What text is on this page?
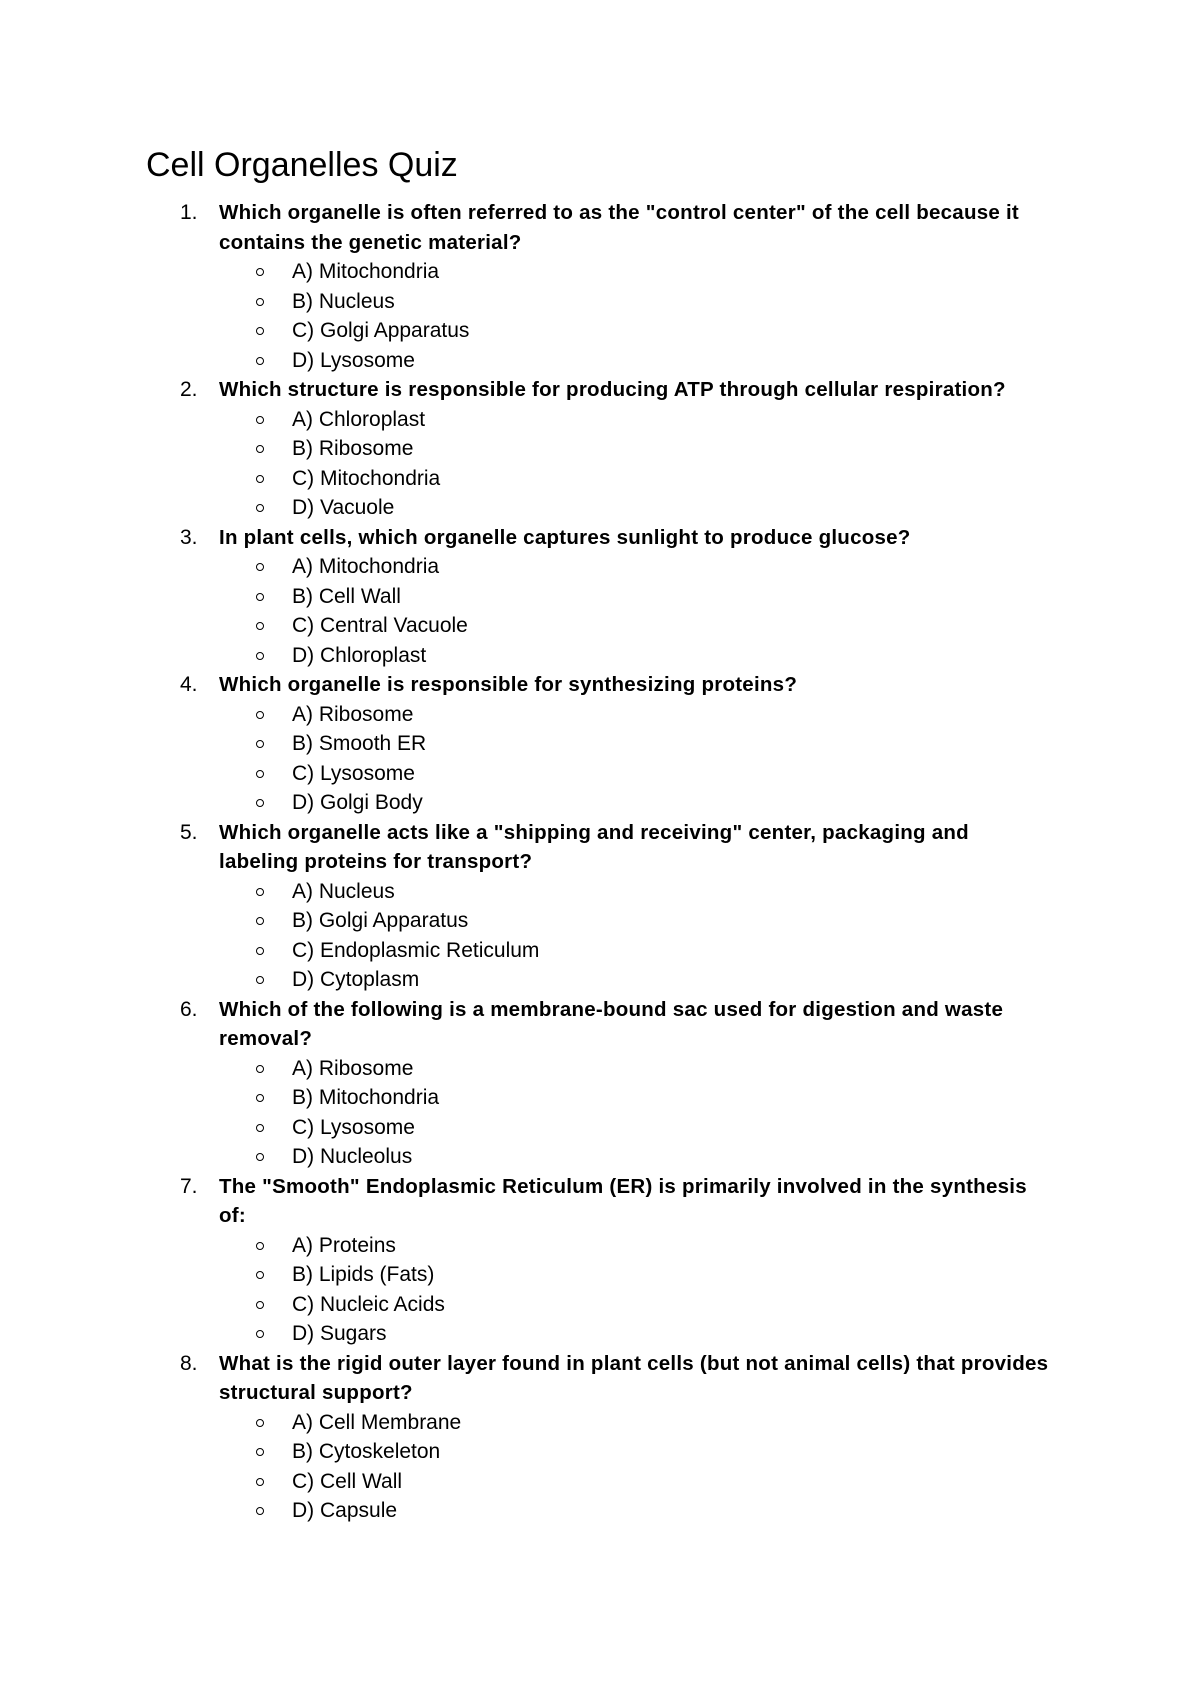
Cell Organelles Quiz
1. Which organelle is often referred to as the "control center" of the cell because it contains the genetic material?
A) Mitochondria
B) Nucleus
C) Golgi Apparatus
D) Lysosome
2. Which structure is responsible for producing ATP through cellular respiration?
A) Chloroplast
B) Ribosome
C) Mitochondria
D) Vacuole
3. In plant cells, which organelle captures sunlight to produce glucose?
A) Mitochondria
B) Cell Wall
C) Central Vacuole
D) Chloroplast
4. Which organelle is responsible for synthesizing proteins?
A) Ribosome
B) Smooth ER
C) Lysosome
D) Golgi Body
5. Which organelle acts like a "shipping and receiving" center, packaging and labeling proteins for transport?
A) Nucleus
B) Golgi Apparatus
C) Endoplasmic Reticulum
D) Cytoplasm
6. Which of the following is a membrane-bound sac used for digestion and waste removal?
A) Ribosome
B) Mitochondria
C) Lysosome
D) Nucleolus
7. The "Smooth" Endoplasmic Reticulum (ER) is primarily involved in the synthesis of:
A) Proteins
B) Lipids (Fats)
C) Nucleic Acids
D) Sugars
8. What is the rigid outer layer found in plant cells (but not animal cells) that provides structural support?
A) Cell Membrane
B) Cytoskeleton
C) Cell Wall
D) Capsule
